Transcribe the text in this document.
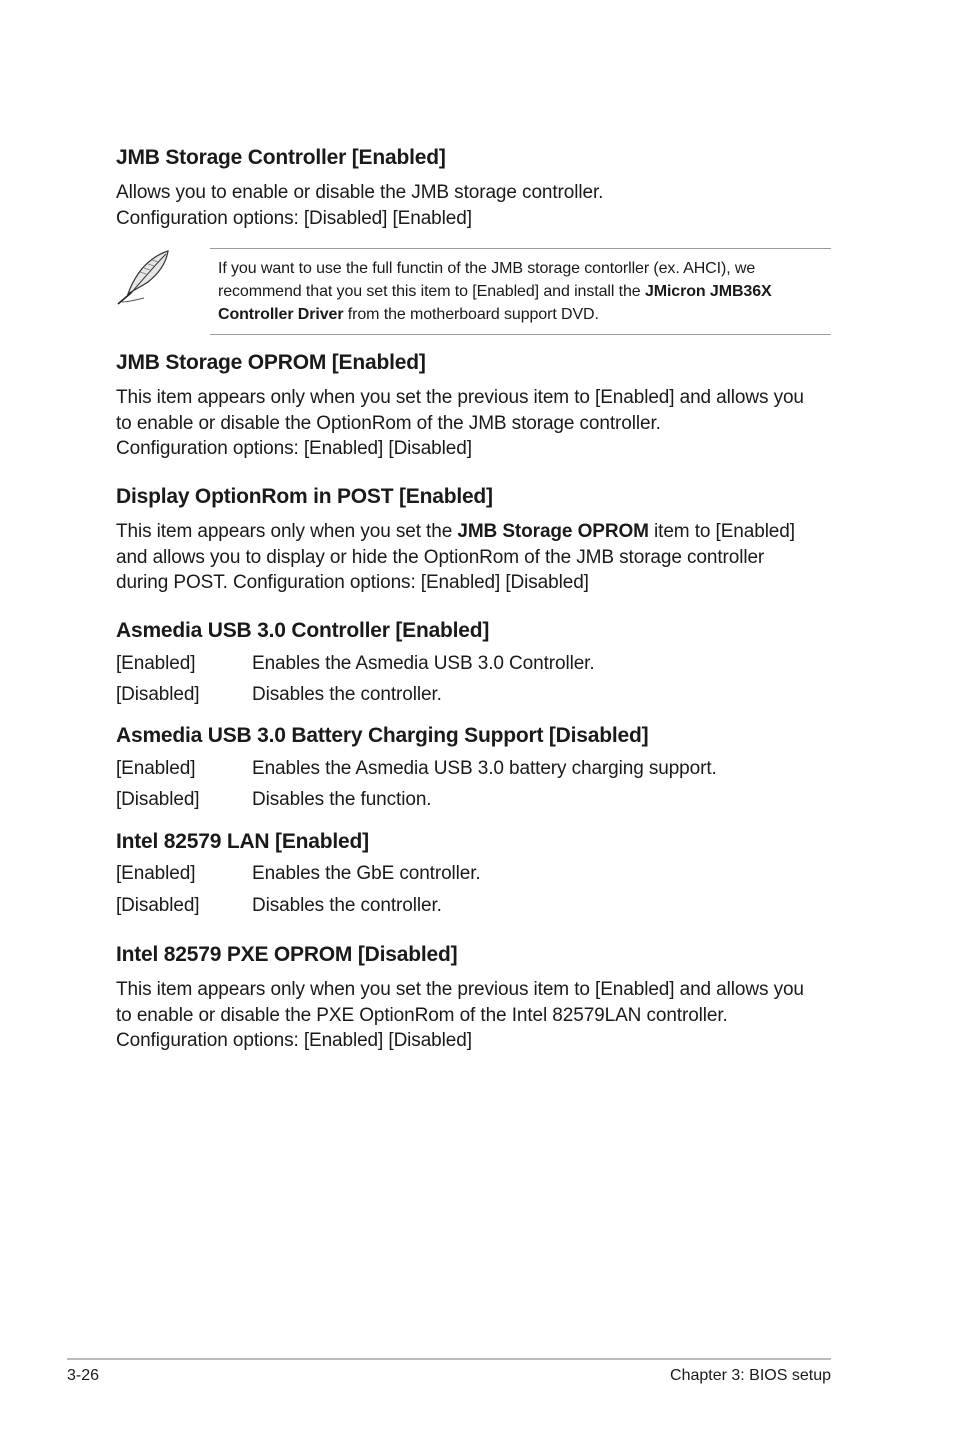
JMB Storage Controller [Enabled]
Allows you to enable or disable the JMB storage controller.
Configuration options: [Disabled] [Enabled]
If you want to use the full functin of the JMB storage contorller (ex. AHCI), we
recommend that you set this item to [Enabled] and install the JMicron JMB36X
Controller Driver from the motherboard support DVD.
JMB Storage OPROM [Enabled]
This item appears only when you set the previous item to [Enabled] and allows you
to enable or disable the OptionRom of the JMB storage controller.
Configuration options: [Enabled] [Disabled]
Display OptionRom in POST [Enabled]
This item appears only when you set the JMB Storage OPROM item to [Enabled]
and allows you to display or hide the OptionRom of the JMB storage controller
during POST. Configuration options: [Enabled] [Disabled]
Asmedia USB 3.0 Controller [Enabled]
[Enabled]	Enables the Asmedia USB 3.0 Controller.
[Disabled]	Disables the controller.
Asmedia USB 3.0 Battery Charging Support [Disabled]
[Enabled]	Enables the Asmedia USB 3.0 battery charging support.
[Disabled]	Disables the function.
Intel 82579 LAN [Enabled]
[Enabled]	Enables the GbE controller.
[Disabled]	Disables the controller.
Intel 82579 PXE OPROM [Disabled]
This item appears only when you set the previous item to [Enabled] and allows you
to enable or disable the PXE OptionRom of the Intel 82579LAN controller.
Configuration options: [Enabled] [Disabled]
3-26	Chapter 3: BIOS setup
